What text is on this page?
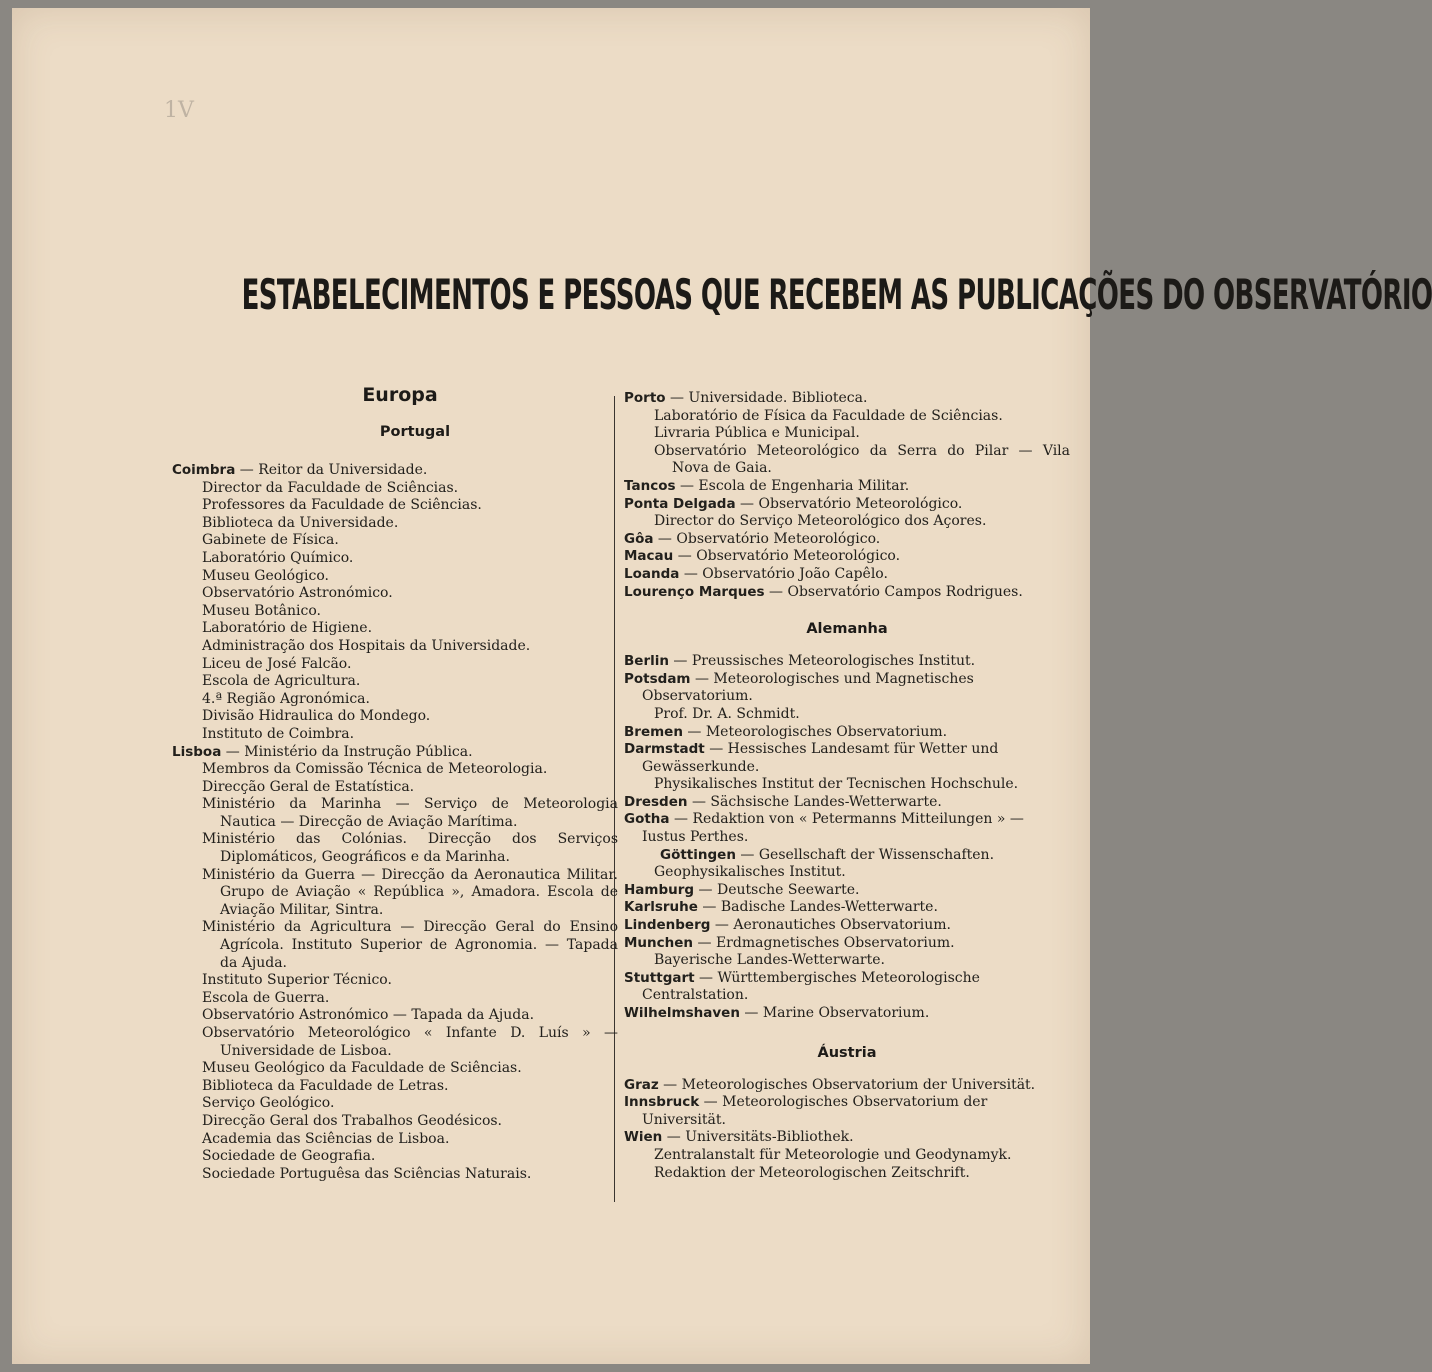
1V
ESTABELECIMENTOS E PESSOAS QUE RECEBEM AS PUBLICAÇÕES DO OBSERVATÓRIO
Europa
Portugal

Coimbra — Reitor da Universidade.

Director da Faculdade de Sciências.

Professores da Faculdade de Sciências.

Biblioteca da Universidade.

Gabinete de Física.

Laboratório Químico.

Museu Geológico.

Observatório Astronómico.

Museu Botânico.

Laboratório de Higiene.

Administração dos Hospitais da Universidade.

Liceu de José Falcão.

Escola de Agricultura.

4.ª Região Agronómica.

Divisão Hidraulica do Mondego.

Instituto de Coimbra.

Lisboa — Ministério da Instrução Pública.

Membros da Comissão Técnica de Meteorologia.

Direcção Geral de Estatística.

Ministério da Marinha — Serviço de Meteorologia Nautica — Direcção de Aviação Marítima.

Ministério das Colónias. Direcção dos Serviços Diplomáticos, Geográficos e da Marinha.

Ministério da Guerra — Direcção da Aeronautica Militar. Grupo de Aviação « República », Amadora. Escola de Aviação Militar, Sintra.

Ministério da Agricultura — Direcção Geral do Ensino Agrícola. Instituto Superior de Agronomia. — Tapada da Ajuda.

Instituto Superior Técnico.

Escola de Guerra.

Observatório Astronómico — Tapada da Ajuda.

Observatório Meteorológico « Infante D. Luís » — Universidade de Lisboa.

Museu Geológico da Faculdade de Sciências.

Biblioteca da Faculdade de Letras.

Serviço Geológico.

Direcção Geral dos Trabalhos Geodésicos.

Academia das Sciências de Lisboa.

Sociedade de Geografia.

Sociedade Portuguêsa das Sciências Naturais.

Porto — Universidade. Biblioteca.

Laboratório de Física da Faculdade de Sciências.

Livraria Pública e Municipal.

Observatório Meteorológico da Serra do Pilar — Vila Nova de Gaia.

Tancos — Escola de Engenharia Militar.

Ponta Delgada — Observatório Meteorológico.

Director do Serviço Meteorológico dos Açores.

Gôa — Observatório Meteorológico.

Macau — Observatório Meteorológico.

Loanda — Observatório João Capêlo.

Lourenço Marques — Observatório Campos Rodrigues.

Alemanha

Berlin — Preussisches Meteorologisches Institut.

Potsdam — Meteorologisches und Magnetisches Observatorium.

Prof. Dr. A. Schmidt.

Bremen — Meteorologisches Observatorium.

Darmstadt — Hessisches Landesamt für Wetter und Gewässerkunde.

Physikalisches Institut der Tecnischen Hochschule.

Dresden — Sächsische Landes-Wetterwarte.

Gotha — Redaktion von « Petermanns Mitteilungen » — Iustus Perthes.

Göttingen — Gesellschaft der Wissenschaften.

Geophysikalisches Institut.

Hamburg — Deutsche Seewarte.

Karlsruhe — Badische Landes-Wetterwarte.

Lindenberg — Aeronautiches Observatorium.

Munchen — Erdmagnetisches Observatorium.

Bayerische Landes-Wetterwarte.

Stuttgart — Württembergisches Meteorologische Centralstation.

Wilhelmshaven — Marine Observatorium.

Áustria

Graz — Meteorologisches Observatorium der Universität.

Innsbruck — Meteorologisches Observatorium der Universität.

Wien — Universitäts-Bibliothek.

Zentralanstalt für Meteorologie und Geodynamyk.

Redaktion der Meteorologischen Zeitschrift.
